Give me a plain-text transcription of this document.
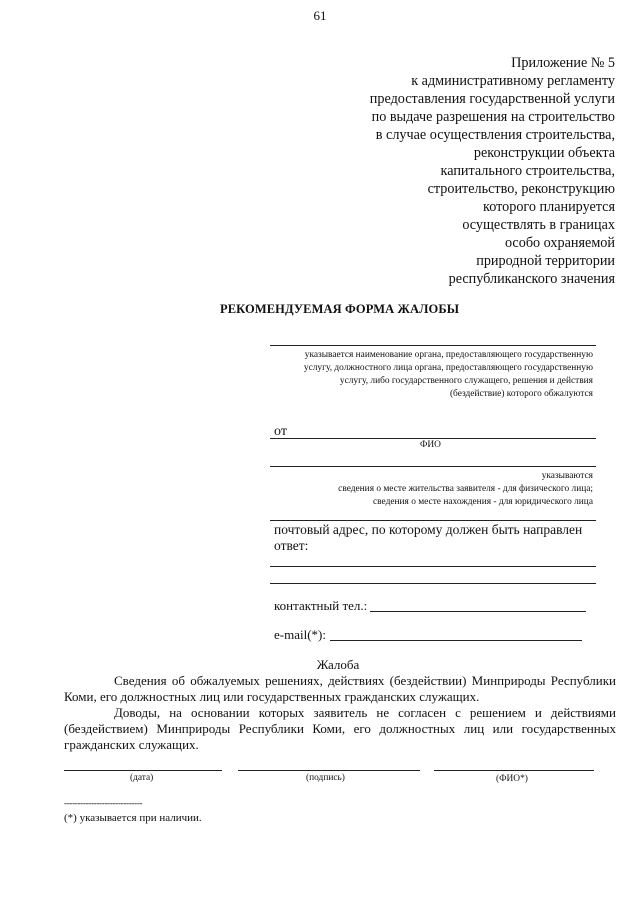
61
Приложение № 5
к административному регламенту
предоставления государственной услуги
по выдаче разрешения на строительство
в случае осуществления строительства,
реконструкции объекта
капитального строительства,
строительство, реконструкцию
которого планируется
осуществлять в границах
особо охраняемой
природной территории
республиканского значения
РЕКОМЕНДУЕМАЯ ФОРМА ЖАЛОБЫ
указывается наименование органа, предоставляющего государственную услугу, должностного лица органа, предоставляющего государственную услугу, либо государственного служащего, решения и действия (бездействие) которого обжалуются
от
ФИО
указываются
сведения о месте жительства заявителя - для физического лица;
сведения о месте нахождения - для юридического лица
почтовый адрес, по которому должен быть направлен ответ:
контактный тел.:
e-mail(*):
Жалоба
Сведения об обжалуемых решениях, действиях (бездействии) Минприроды Республики Коми, его должностных лиц или государственных гражданских служащих.
Доводы, на основании которых заявитель не согласен с решением и действиями (бездействием) Минприроды Республики Коми, его должностных лиц или государственных гражданских служащих.
(дата)	(подпись)	(ФИО*)
-----------------------------
(*) указывается при наличии.
